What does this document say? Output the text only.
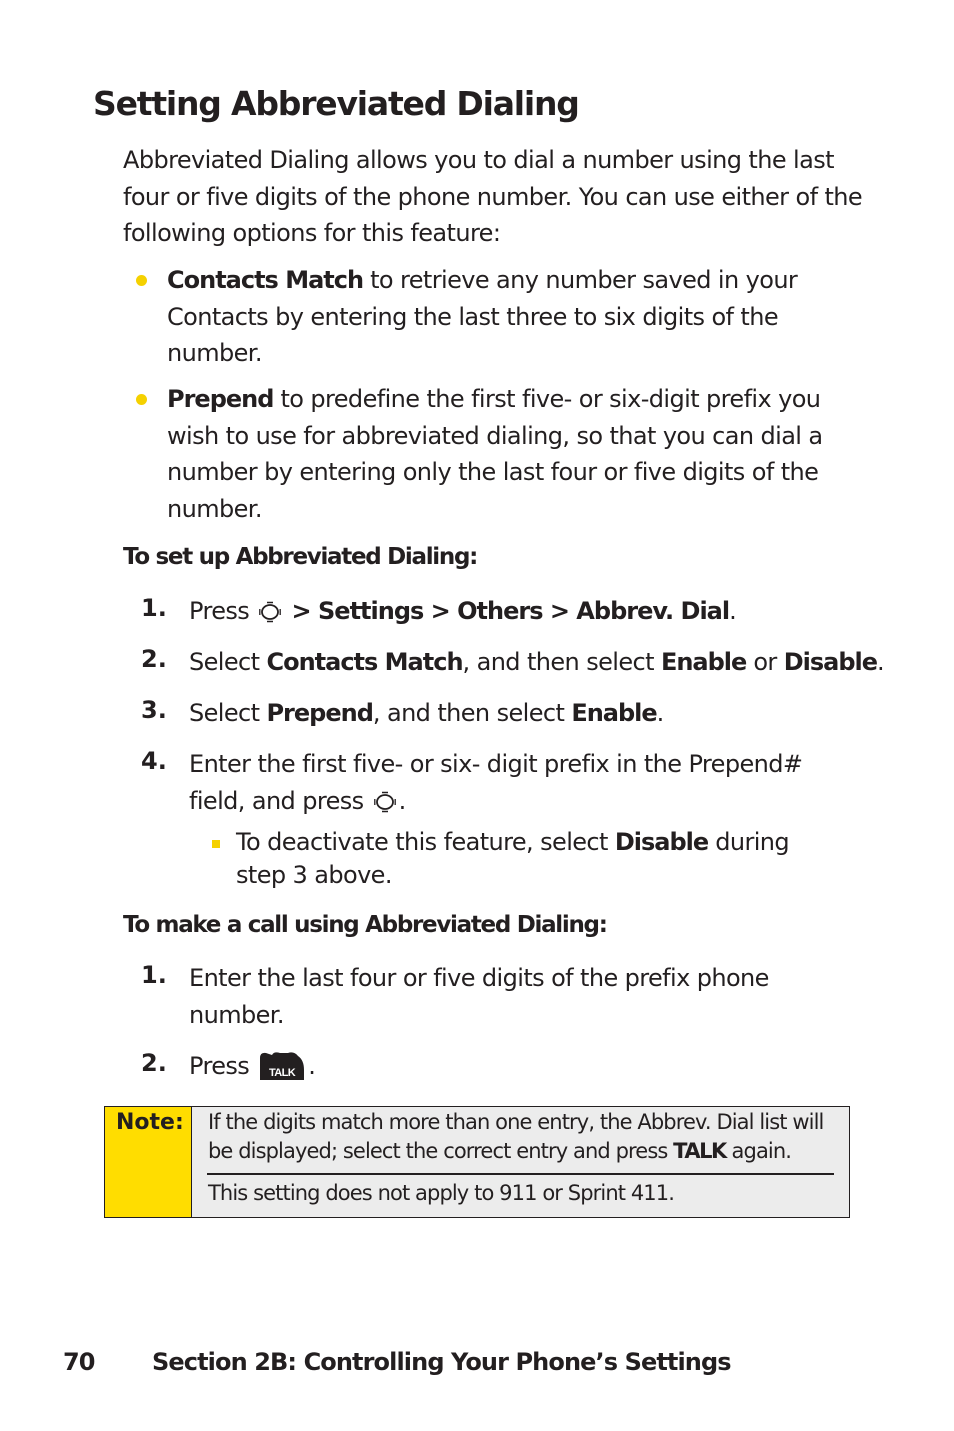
Setting Abbreviated Dialing
Abbreviated Dialing allows you to dial a number using the last four or five digits of the phone number. You can use either of the following options for this feature:
Contacts Match to retrieve any number saved in your Contacts by entering the last three to six digits of the number.
Prepend to predefine the first five- or six-digit prefix you wish to use for abbreviated dialing, so that you can dial a number by entering only the last four or five digits of the number.
To set up Abbreviated Dialing:
1. Press  > Settings > Others > Abbrev. Dial.
2. Select Contacts Match, and then select Enable or Disable.
3. Select Prepend, and then select Enable.
4. Enter the first five- or six- digit prefix in the Prepend# field, and press .
To deactivate this feature, select Disable during step 3 above.
To make a call using Abbreviated Dialing:
1. Enter the last four or five digits of the prefix phone number.
2. Press TALK .
Note: If the digits match more than one entry, the Abbrev. Dial list will be displayed; select the correct entry and press TALK again.
This setting does not apply to 911 or Sprint 411.
70 Section 2B: Controlling Your Phone’s Settings
